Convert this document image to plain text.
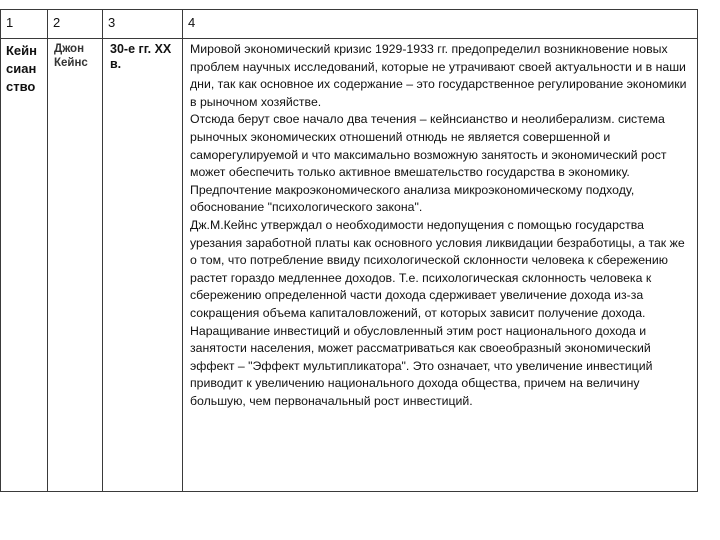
1	2	3	4

Кейн сиан ство	Джон Кейнс	30-е гг. XX в.	Мировой экономический кризис 1929-1933 гг. предопределил возникновение новых проблем научных исследований, которые не утрачивают своей актуальности и в наши дни, так как основное их содержание – это государственное регулирование экономики в рыночном хозяйстве.

Отсюда берут свое начало два течения – кейнсианство и неолиберализм. система рыночных экономических отношений отнюдь не является совершенной и саморегулируемой и что максимально возможную занятость и экономический рост может обеспечить только активное вмешательство государства в экономику.

Предпочтение макроэкономического анализа микроэкономическому подходу, обоснование "психологического закона".

Дж.М.Кейнс утверждал о необходимости недопущения с помощью государства урезания заработной платы как основного условия ликвидации безработицы, а так же о том, что потребление ввиду психологической склонности человека к сбережению растет гораздо медленнее доходов. Т.е. психологическая склонность человека к сбережению определенной части дохода сдерживает увеличение дохода из-за сокращения объема капиталовложений, от которых зависит получение дохода.

Наращивание инвестиций и обусловленный этим рост национального дохода и занятости населения, может рассматриваться как своеобразный экономический эффект – "Эффект мультипликатора". Это означает, что увеличение инвестиций приводит к увеличению национального дохода общества, причем на величину большую, чем первоначальный рост инвестиций.
